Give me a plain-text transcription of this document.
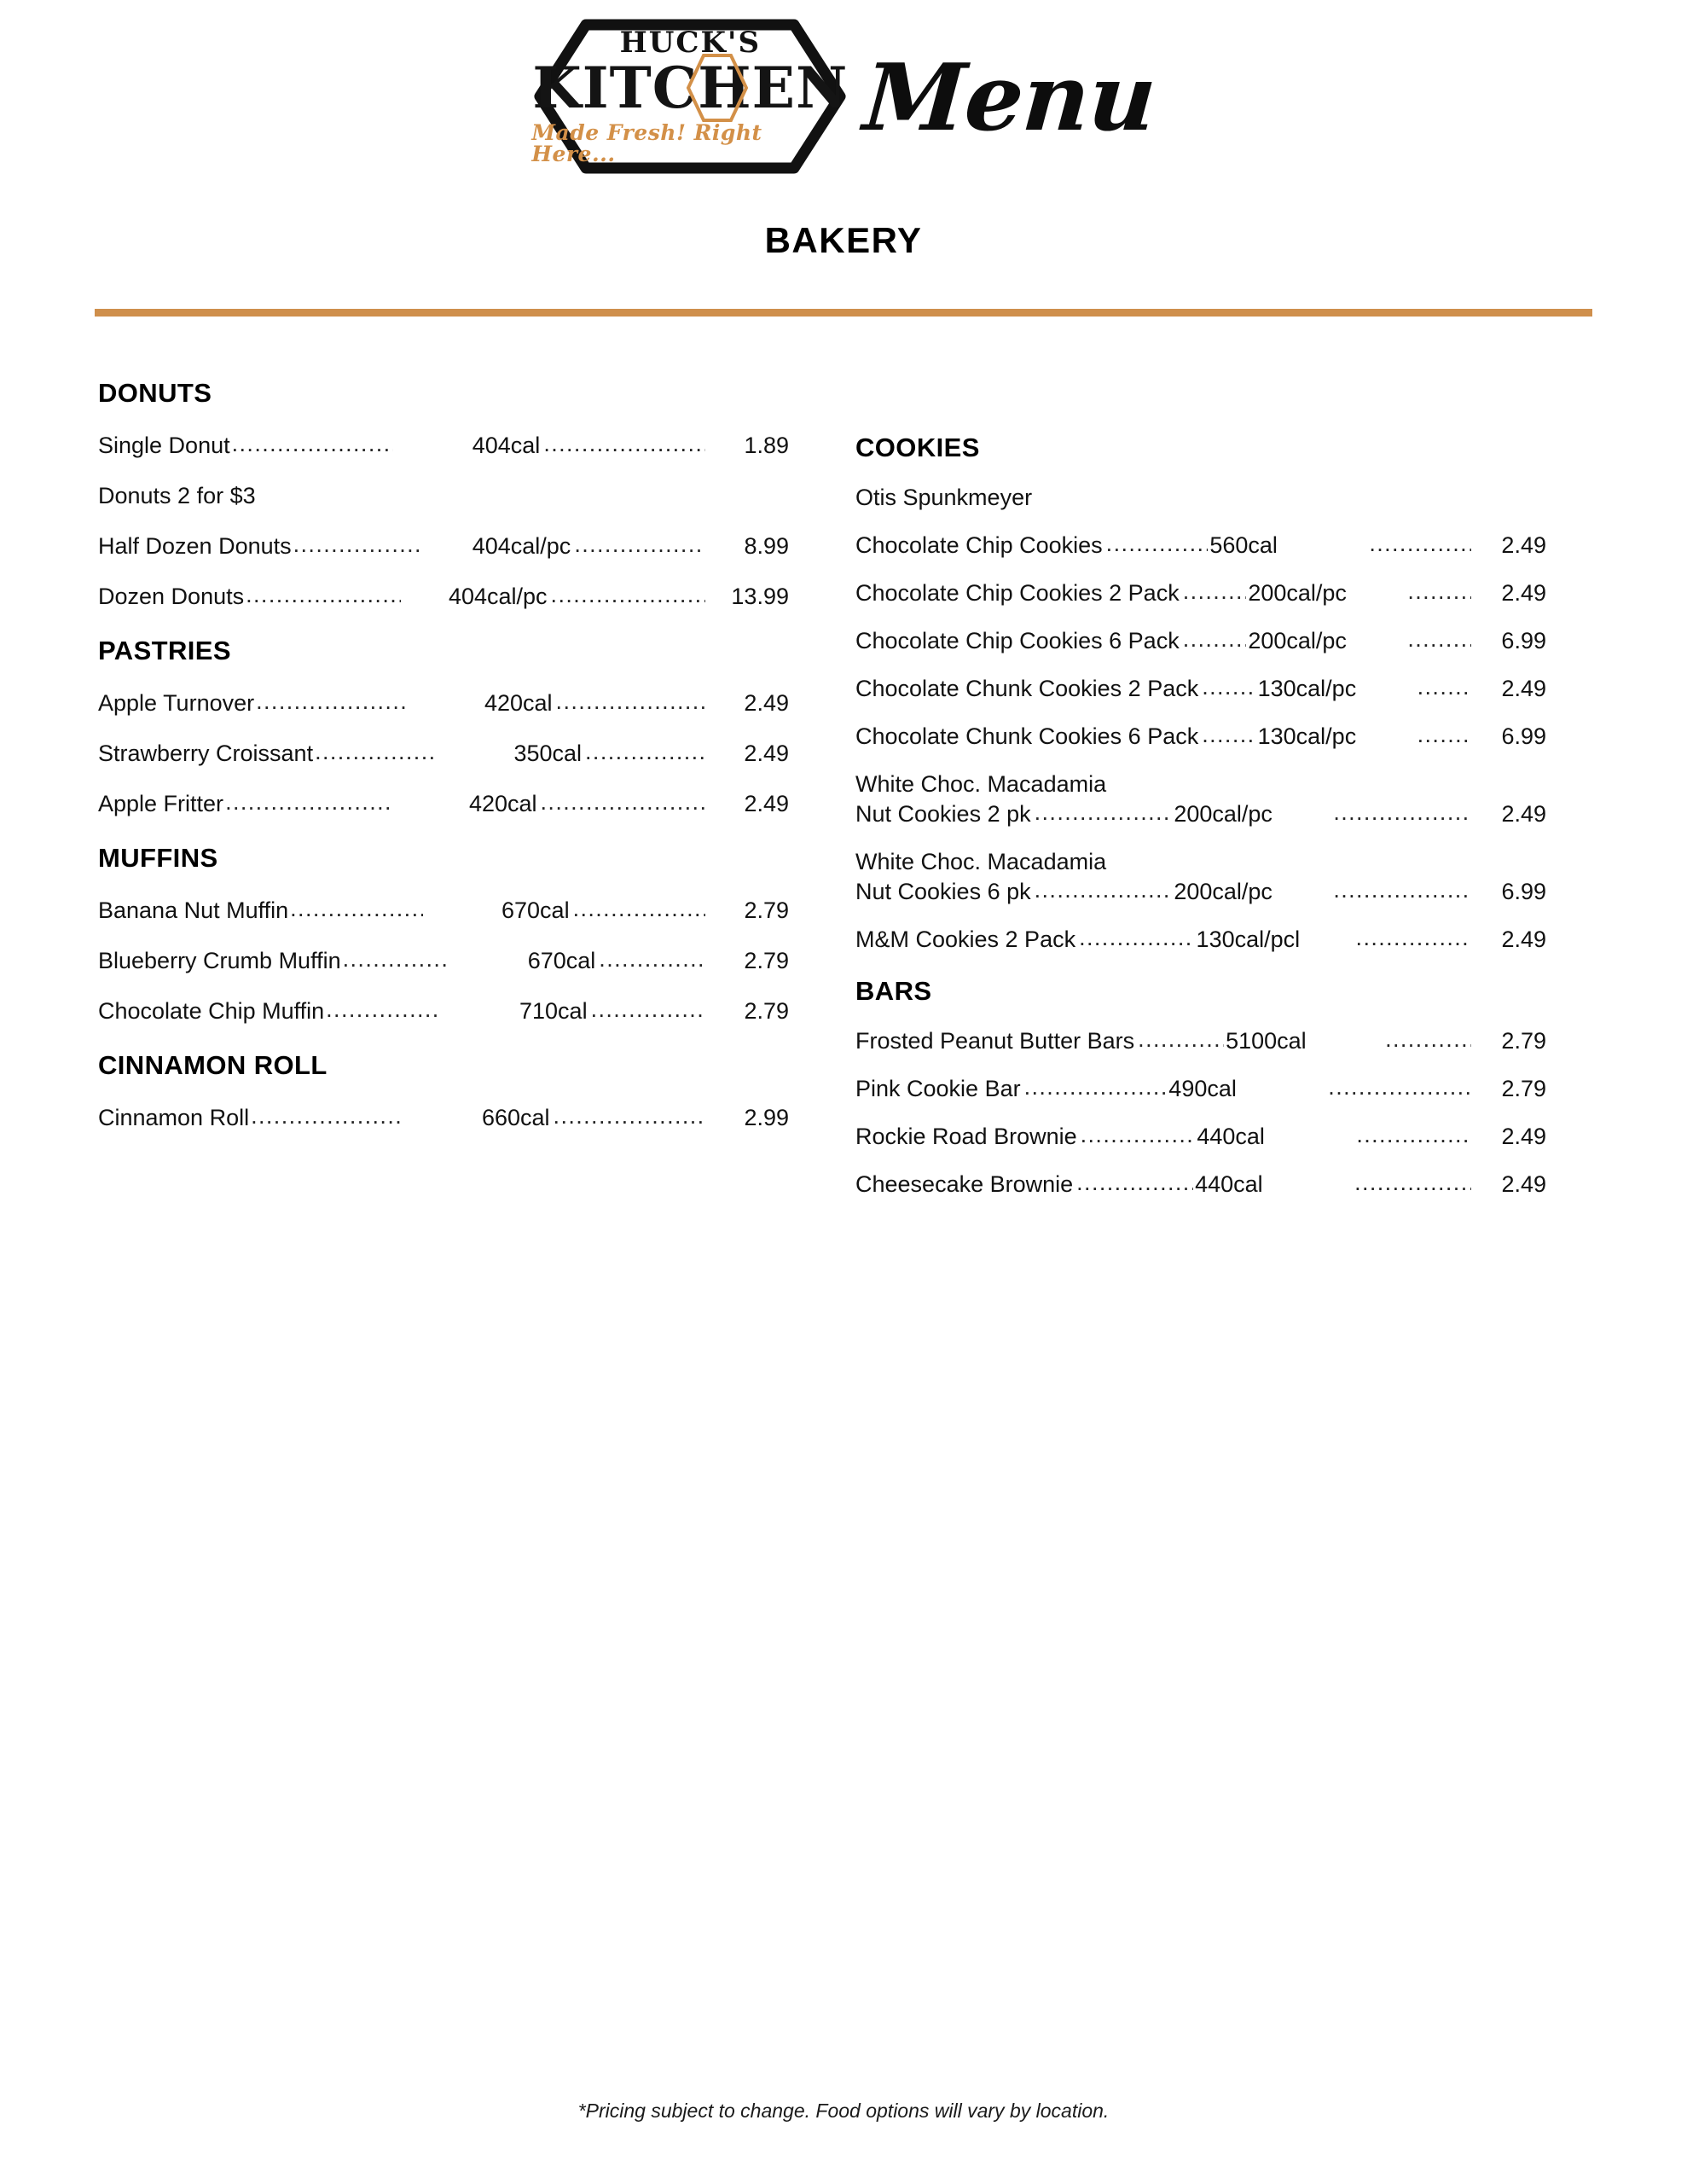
HUCK'S
KITCHEN
Made Fresh! Right Here...
Menu
BAKERY
DONUTS
Single Donut .....	404cal .....	1.89
Donuts 2 for $3
Half Dozen Donuts .....	404cal/pc .....	8.99
Dozen Donuts .....	404cal/pc .....	13.99
PASTRIES
Apple Turnover .....	420cal .....	2.49
Strawberry Croissant .....	350cal .....	2.49
Apple Fritter .....	420cal .....	2.49
MUFFINS
Banana Nut Muffin .....	670cal .....	2.79
Blueberry Crumb Muffin .....	670cal .....	2.79
Chocolate Chip Muffin .....	710cal .....	2.79
CINNAMON ROLL
Cinnamon Roll .....	660cal .....	2.99
COOKIES
Otis Spunkmeyer
Chocolate Chip Cookies .....	560cal .....	2.49
Chocolate Chip Cookies 2 Pack .....	200cal/pc .....	2.49
Chocolate Chip Cookies 6 Pack .....	200cal/pc .....	6.99
Chocolate Chunk Cookies 2 Pack .....	130cal/pc .....	2.49
Chocolate Chunk Cookies 6 Pack .....	130cal/pc .....	6.99
White Choc. Macadamia
Nut Cookies 2 pk .....	200cal/pc .....	2.49
White Choc. Macadamia
Nut Cookies 6 pk .....	200cal/pc .....	6.99
M&M Cookies 2 Pack .....	130cal/pcl .....	2.49
BARS
Frosted Peanut Butter Bars .....	5100cal .....	2.79
Pink Cookie Bar .....	490cal .....	2.79
Rockie Road Brownie .....	440cal .....	2.49
Cheesecake Brownie .....	440cal .....	2.49
*Pricing subject to change. Food options will vary by location.
